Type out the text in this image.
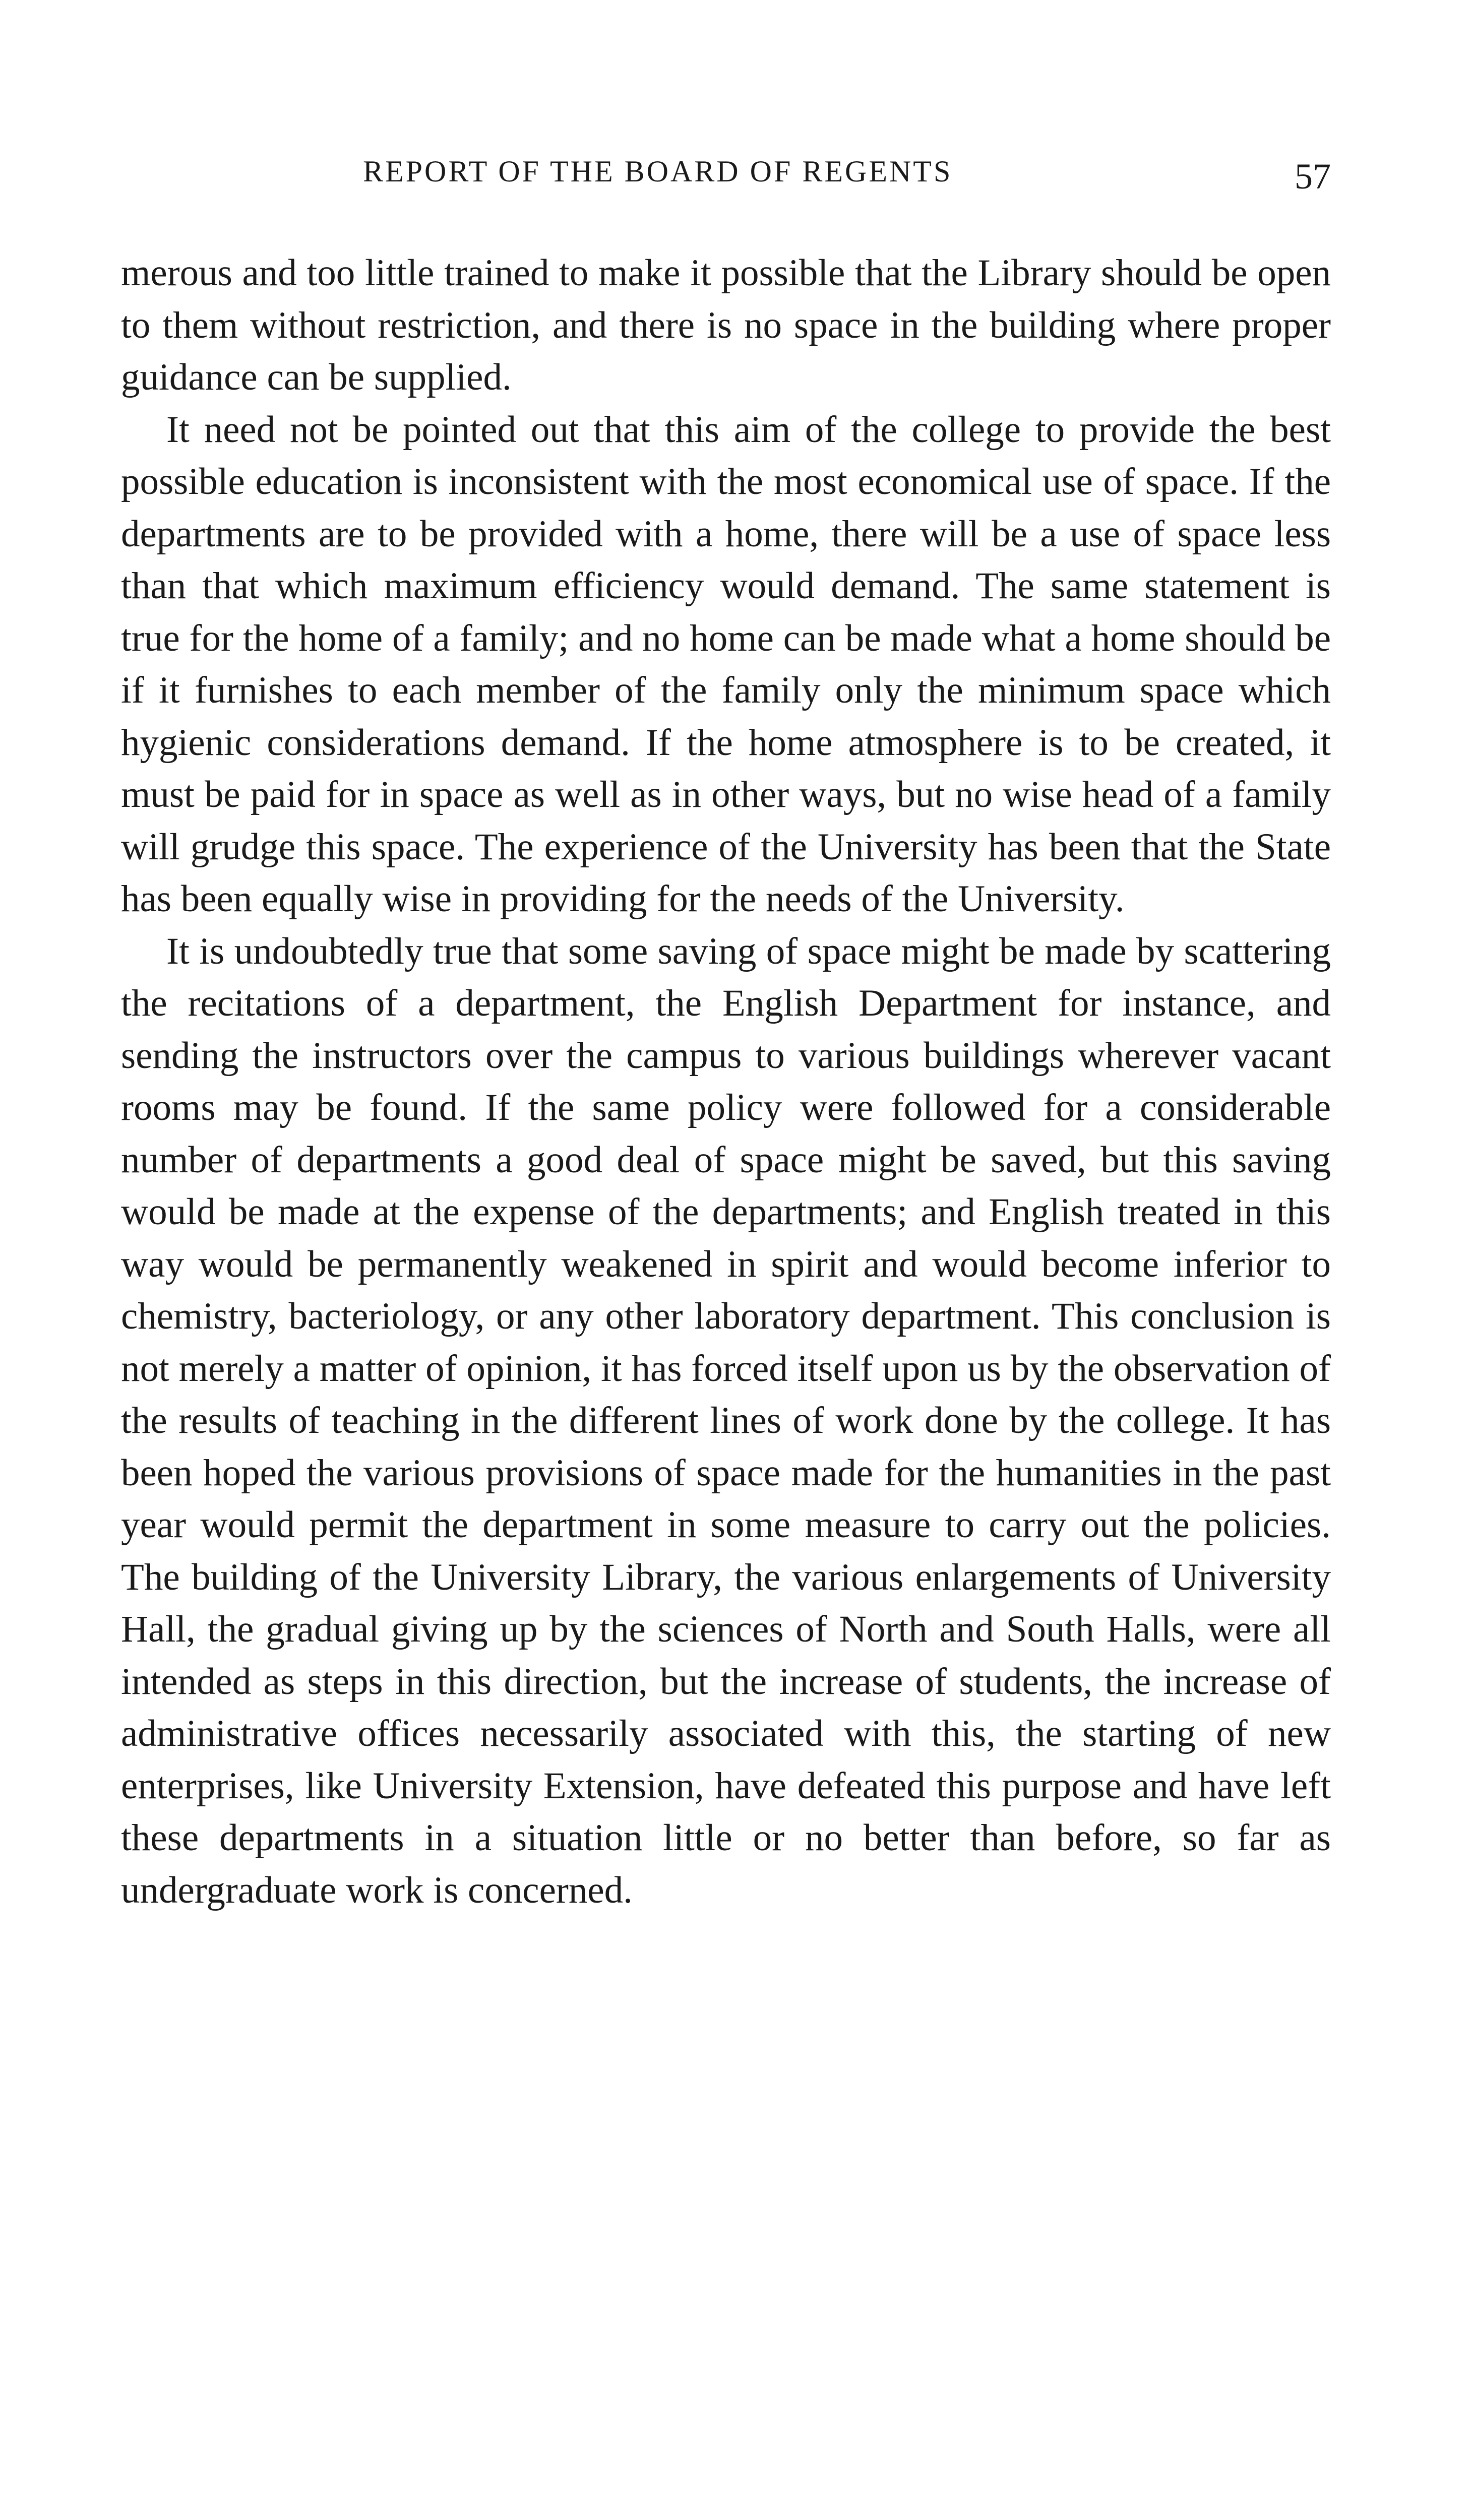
REPORT OF THE BOARD OF REGENTS	57

merous and too little trained to make it possible that the Library should be open to them without restriction, and there is no space in the building where proper guidance can be supplied.

It need not be pointed out that this aim of the college to provide the best possible education is inconsistent with the most economical use of space. If the departments are to be provided with a home, there will be a use of space less than that which maximum efficiency would demand. The same statement is true for the home of a family; and no home can be made what a home should be if it furnishes to each member of the family only the minimum space which hygienic considerations demand. If the home atmosphere is to be created, it must be paid for in space as well as in other ways, but no wise head of a family will grudge this space. The experience of the University has been that the State has been equally wise in providing for the needs of the University.

It is undoubtedly true that some saving of space might be made by scattering the recitations of a department, the English Department for instance, and sending the instructors over the campus to various buildings wherever vacant rooms may be found. If the same policy were followed for a considerable number of departments a good deal of space might be saved, but this saving would be made at the expense of the departments; and English treated in this way would be permanently weakened in spirit and would become inferior to chemistry, bacteriology, or any other laboratory department. This conclusion is not merely a matter of opinion, it has forced itself upon us by the observation of the results of teaching in the different lines of work done by the college. It has been hoped the various provisions of space made for the humanities in the past year would permit the department in some measure to carry out the policies. The building of the University Library, the various enlargements of University Hall, the gradual giving up by the sciences of North and South Halls, were all intended as steps in this direction, but the increase of students, the increase of administrative offices necessarily associated with this, the starting of new enterprises, like University Extension, have defeated this purpose and have left these departments in a situation little or no better than before, so far as undergraduate work is concerned.
